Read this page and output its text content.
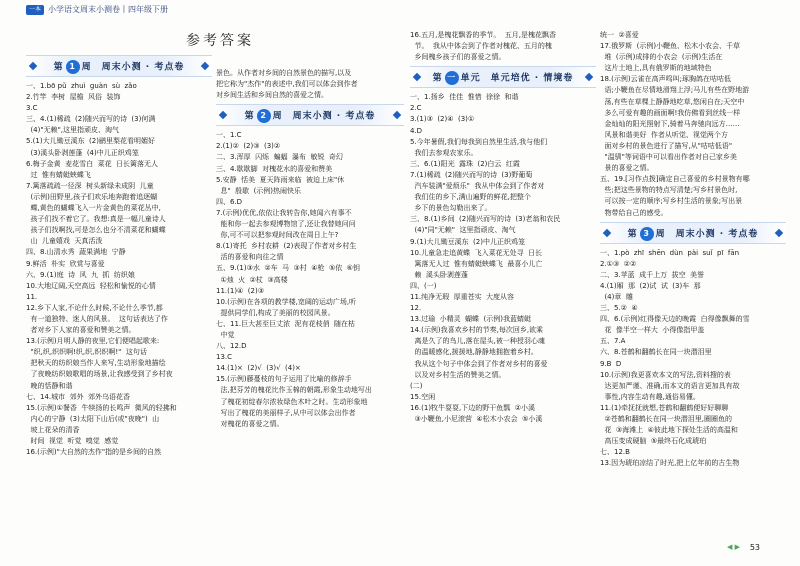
一本 小学语文周末小测卷丨四年级下册
参考答案
第 1 周　周末小测 · 考点卷

一、1.bō pǔ  zhuì  guàn  sù  zǎo

2.竹竿  李树  屋檐  风俗  装饰

3.C

三、4.(1)稀疏  (2)随兴而写的诗  (3)何满

(4)"无赖",这里指顽皮、淘气

5.(1)大儿锄豆溪东  (2)鹂里梨花看明媚好

(3)溪头卧剥莲蓬  (4)中儿正织鸡笼

6.梅子金黄  麦花雪白  菜花  日长篱落无人

过  惟有蜻蜓蛱蝶飞

7.篱落疏疏一径深  树头新绿未成阴  儿童

(示例)田野里,孩子们欢乐地奔跑着追逐蝴

蝶,黄色的蝴蝶飞入一片金黄色的菜花丛中,

孩子们找不着它了。我想:真是一幅儿童诗人

孩子们找啊找,可是怎么也分不清菜花和蝴蝶

山  儿童嬉戏  天真活泼

四、8.山清水秀  蔬果满地  宁静

9.鲜活  朴实  欣赏与喜爱

六、9.(1)庭  诗  风  九  抓  纺织娘

10.大地辽阔,天空高远  轻松和愉悦的心情

11.

12.乡下人家,不论什么时候,不论什么季节,都

有一道独特、迷人的风景。  这句话表达了作

者对乡下人家的喜爱和赞美之情。

13.(示例)月明人静的夜里,它们便唱起歌来:

"织,织,织织啊!织,织,织织啊!"  这句话

把秋天的纺织娘当作人来写,生动形象地描绘

了夜晚纺织娘歌唱的场景,让我感受到了乡村夜

晚的恬静和谐

七、14.城市  郊外  郊外乌语花香

15.(示例)①餐香  牛犊扬的长鸣声  微风的轻拂和

内心的宁静  (3)太阳下山后(或"夜晚")  山

坡上花朵的清香

时间  视觉  听觉  嗅觉  感觉

16.(示例)"大自然的杰作"指的是乡间的自然

景色。从作者对乡间的自然景色的描写,以及

把它称为"杰作"的表述中,我们可以体会到作者

对乡间生活和乡间自然的喜爱之情。

第 2 周　周末小测 · 考点卷

一、1.C

2.(1)②  (2)③  (3)②

二、3.浑厚  闪烁  蝙蝠  瀑布  敏锐  奇幻

三、4.歇歇脚  对槐花水的喜爱和赞美

5.安静  恬美  夏天阵雨来临  被迫上床"休

息"  殷歇  (示例)热闹快乐

四、6.D

7.(示例)优优,依依让我转告你,她闻六有事不

能和你一起去参观博物馆了,还让我替她问问

你,可不可以把参观时间改在周日上午?

8.(1)寄托  乡村农耕  (2)表现了作者对乡村生

活的喜爱和向往之情

五、9.(1)③水  ②车  马  ③村  ④枪  ⑤依  ⑥钥

①烛  火  ②杖  ③高楼

11.(1)④  (2)③

10.(示例)在各项的教学楼,宽阔的运动广场,听

提供同学们,构成了美丽的校园风景。

七、11.巨大甚至巨丈浓  泥有花枝俏  随在枯

中觉

八、12.D

13.C

14.(1)×  (2)√  (3)√  (4)×

15.(示例)藤蔓枝的句子运用了比喻的修辞手

法,把芬芳的槐花比作玉棉的朝霞,形象生动地写出

了槐花初绽春尔浓妆绿色木叶之时。生动形象地

写出了槐花的美丽样子,从中可以体会出作者

对槐花的喜爱之情。

16.五月,是槐花飘香的季节。  五月,是槐花飘香

节。  我从中体会到了作者对槐花、五月的槐

乡间槐乡孩子们的喜爱之情。

第 一 单元　单元培优 · 情境卷

一、1.扬乡  佳佳  惟惜  徐徐  和谐

2.C

3.(1)③  (2)④  (3)①

4.D

5.今年暑假,我们每我到自然里生活,我与他们

我们去参观农家乐。

三、6.(1)阳光  露珠  (2)白云  红霞

7.(1)稀疏  (2)随兴而写的诗  (3)野葡萄

汽车装满"爱烦乐"  我从中体会到了作者对

我们住的乡下,满山遍野的鲜花,把整个

乡下的景色勾勒出来了。

三、8.(1)乡间  (2)随兴而写的诗  (3)老翁和农民

(4)"同"无赖"  这里指顽皮、淘气

9.(1)大儿锄豆溪东  (2)中儿正织鸡笼

10.儿童急走追黄蝶  飞入菜花无处寻  日长

篱落无人过  惟有蜻蜓蛱蝶飞  最喜小儿亡

赖  溪头卧剥莲蓬

四、(一)

11.纯净无瑕  厚重苍实  大度从容

12.

13.过瑜  小精灵  蝴蝶  (示例)我蓝蜻蜓

14.(示例)我喜欢乡村的节奏,每次回乡,欲乘

离是久了的鸟儿,落在屋头,被一种授羽心魂

的温暖感化,援援地,静静地拥抱着乡村。

我从这个句子中体会到了作者对乡村的喜爱

以及对乡村生活的赞美之情。

(二)

15.空闲

16.(1)牧牛耍耍,下边的野干鱼瓢  ②小溪

③小鞭鱼,小尼滚营  ④松木小农会  ⑤小溪

统一  ②喜爱

17.俄罗斯  (示例)小鞭鱼、松木小农会、千草

堆  (示例)成排的小农会  (示例)生活在

这片土地上,具有俄罗斯的地域特色

18.(示例)云雀在高声鸣叫;琢胸鸽在咕咕低

语;小鞭鱼在尽情地滑翔上浮;马儿有些在野地游

荡,有些在草棵上静静地吃草,悠闲自在;天空中

多么可爱有趣的画面啊!我仿佛看到丝线一样

金灿灿的阳光照射下,骑着马奔驰向远方……

风景和谐美好  作者从听觉、视觉两个方

面对乡村的景色进行了描写,从"咕咕低语"

"温驯"等词语中可以看出作者对自己家乡美

景的喜爱之情。

五、19.[习作点拨]确定自己喜爱的乡村景物有哪

些;把这些景物的特点写清楚;写乡村景色时,

可以按一定的顺序;写乡村生活的景象;写出景

物带给自己的感受。

第 3 周　周末小测 · 考点卷

一、1.pò  zhī  shēn  dùn  pài  suǐ  pī  fān

2.①③  ②②

二、3.苹蓝  成千上万  拔空  美誉

4.(1)厢  那  (2)试  试  (3)车  那

(4)章  雕

三、5.②  ④

四、6.(示例)红得像天边的晚霞  白得像飘舞的雪

花  像半空一样大  小得像指甲盖

五、7.A

六、8.苍鹤和翻鹤长在同一块潜泪里

9.B  D

10.(示例)我更喜欢本文的写法,资料搜的表

达更加严谨、准确,而本文的语言更加具有故

事性,内容生动有趣,通俗易懂。

11.(1)牵抚抚就想,苍鹤和翻鹤便好好聊聊

②苍鹤和翻鹤长在同一块潜泪里,圈圈鱼的

花  ③海滩上  ④彼此地下探处生活的高温和

高压变成硬脑  ⑤最终石化成琥珀

七、12.B

13.因为琥珀凉结了时光,把上亿年前的古生物

◀ ▶ 53
